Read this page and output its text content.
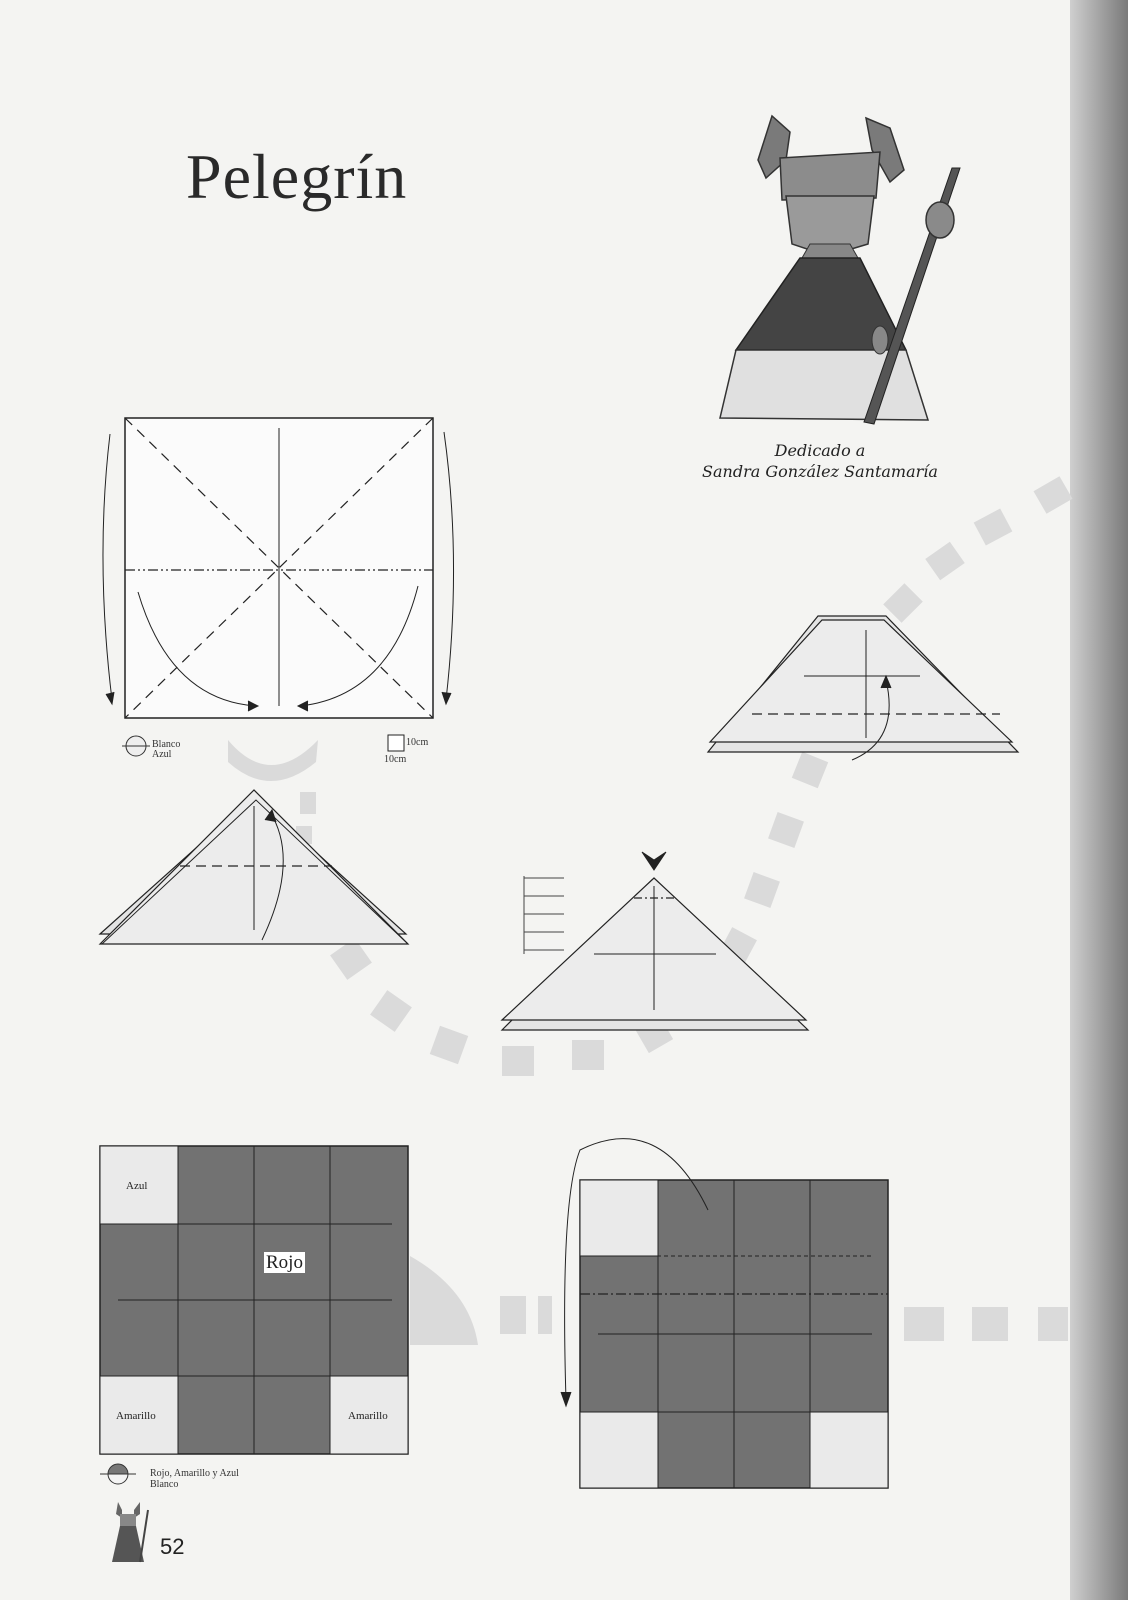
Pelegrín
Dedicado a
Sandra González Santamaría
Blanco
Azul
10cm
10cm
Azul
Rojo
Amarillo	Amarillo
Rojo, Amarillo y Azul
Blanco
52
